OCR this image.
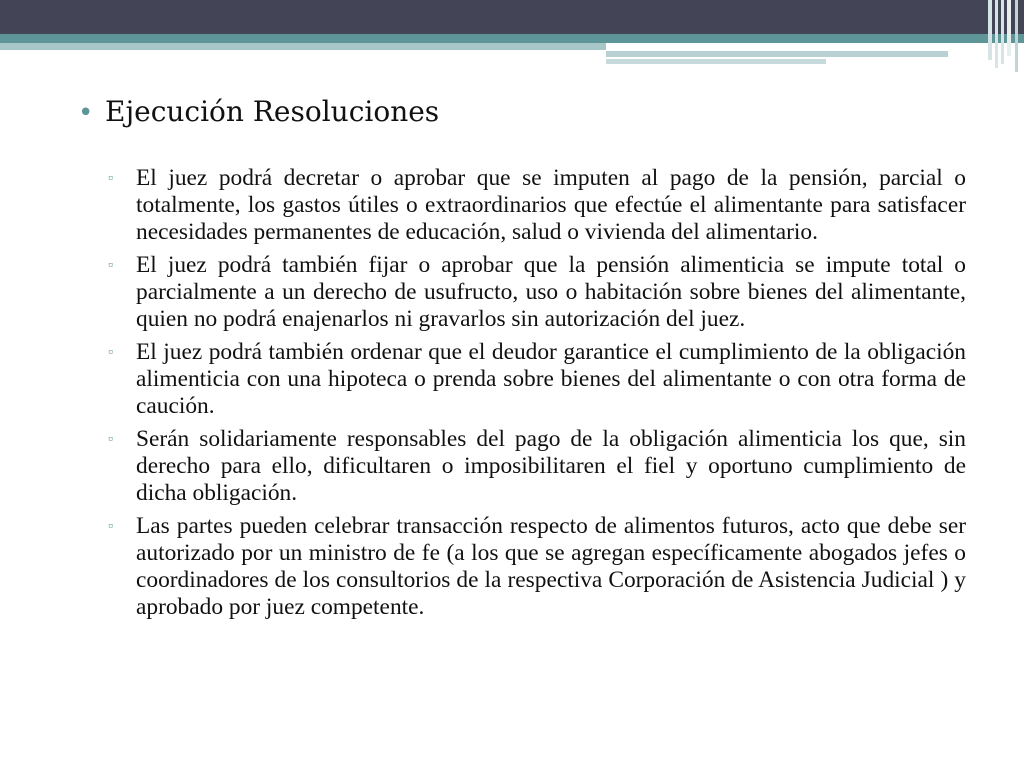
• Ejecución Resoluciones
▫ El juez podrá decretar o aprobar que se imputen al pago de la pensión, parcial o totalmente, los gastos útiles o extraordinarios que efectúe el alimentante para satisfacer necesidades permanentes de educación, salud o vivienda del alimentario.
▫ El juez podrá también fijar o aprobar que la pensión alimenticia se impute total o parcialmente a un derecho de usufructo, uso o habitación sobre bienes del alimentante, quien no podrá enajenarlos ni gravarlos sin autorización del juez.
▫ El juez podrá también ordenar que el deudor garantice el cumplimiento de la obligación alimenticia con una hipoteca o prenda sobre bienes del alimentante o con otra forma de caución.
▫ Serán solidariamente responsables del pago de la obligación alimenticia los que, sin derecho para ello, dificultaren o imposibilitaren el fiel y oportuno cumplimiento de dicha obligación.
▫ Las partes pueden celebrar transacción respecto de alimentos futuros, acto que debe ser autorizado por un ministro de fe (a los que se agregan específicamente abogados jefes o coordinadores de los consultorios de la respectiva Corporación de Asistencia Judicial ) y aprobado por juez competente.
